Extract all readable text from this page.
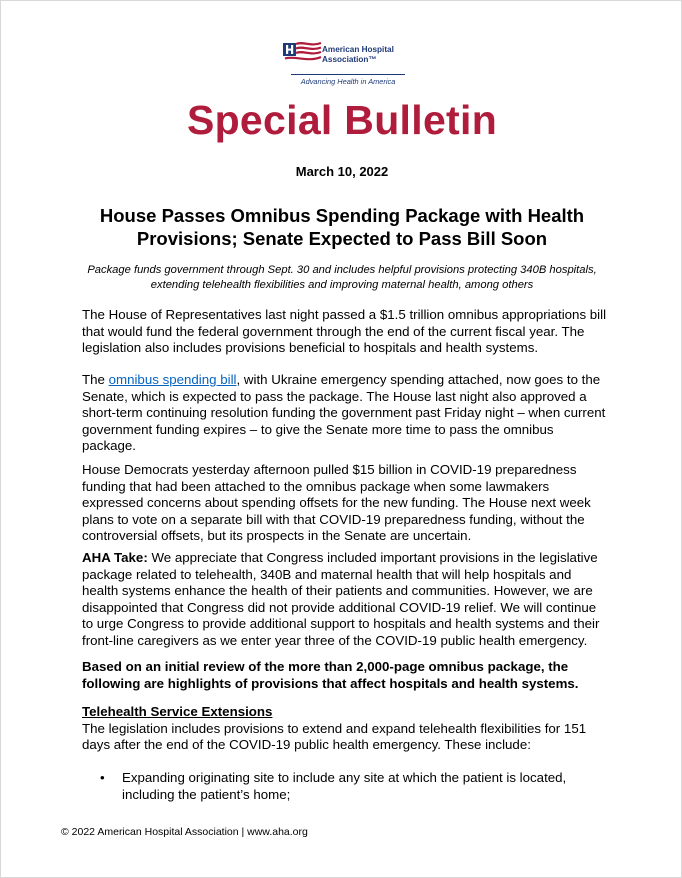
American Hospital
Association™
Advancing Health in America
Special Bulletin
March 10, 2022
House Passes Omnibus Spending Package with Health Provisions; Senate Expected to Pass Bill Soon
Package funds government through Sept. 30 and includes helpful provisions protecting 340B hospitals, extending telehealth flexibilities and improving maternal health, among others

The House of Representatives last night passed a $1.5 trillion omnibus appropriations bill that would fund the federal government through the end of the current fiscal year. The legislation also includes provisions beneficial to hospitals and health systems.

The omnibus spending bill, with Ukraine emergency spending attached, now goes to the Senate, which is expected to pass the package. The House last night also approved a short-term continuing resolution funding the government past Friday night – when current government funding expires – to give the Senate more time to pass the omnibus package.

House Democrats yesterday afternoon pulled $15 billion in COVID-19 preparedness funding that had been attached to the omnibus package when some lawmakers expressed concerns about spending offsets for the new funding. The House next week plans to vote on a separate bill with that COVID-19 preparedness funding, without the controversial offsets, but its prospects in the Senate are uncertain.

AHA Take: We appreciate that Congress included important provisions in the legislative package related to telehealth, 340B and maternal health that will help hospitals and health systems enhance the health of their patients and communities. However, we are disappointed that Congress did not provide additional COVID-19 relief. We will continue to urge Congress to provide additional support to hospitals and health systems and their front-line caregivers as we enter year three of the COVID-19 public health emergency.

Based on an initial review of the more than 2,000-page omnibus package, the following are highlights of provisions that affect hospitals and health systems.

Telehealth Service Extensions
The legislation includes provisions to extend and expand telehealth flexibilities for 151 days after the end of the COVID-19 public health emergency. These include:

• Expanding originating site to include any site at which the patient is located, including the patient’s home;
© 2022 American Hospital Association | www.aha.org
